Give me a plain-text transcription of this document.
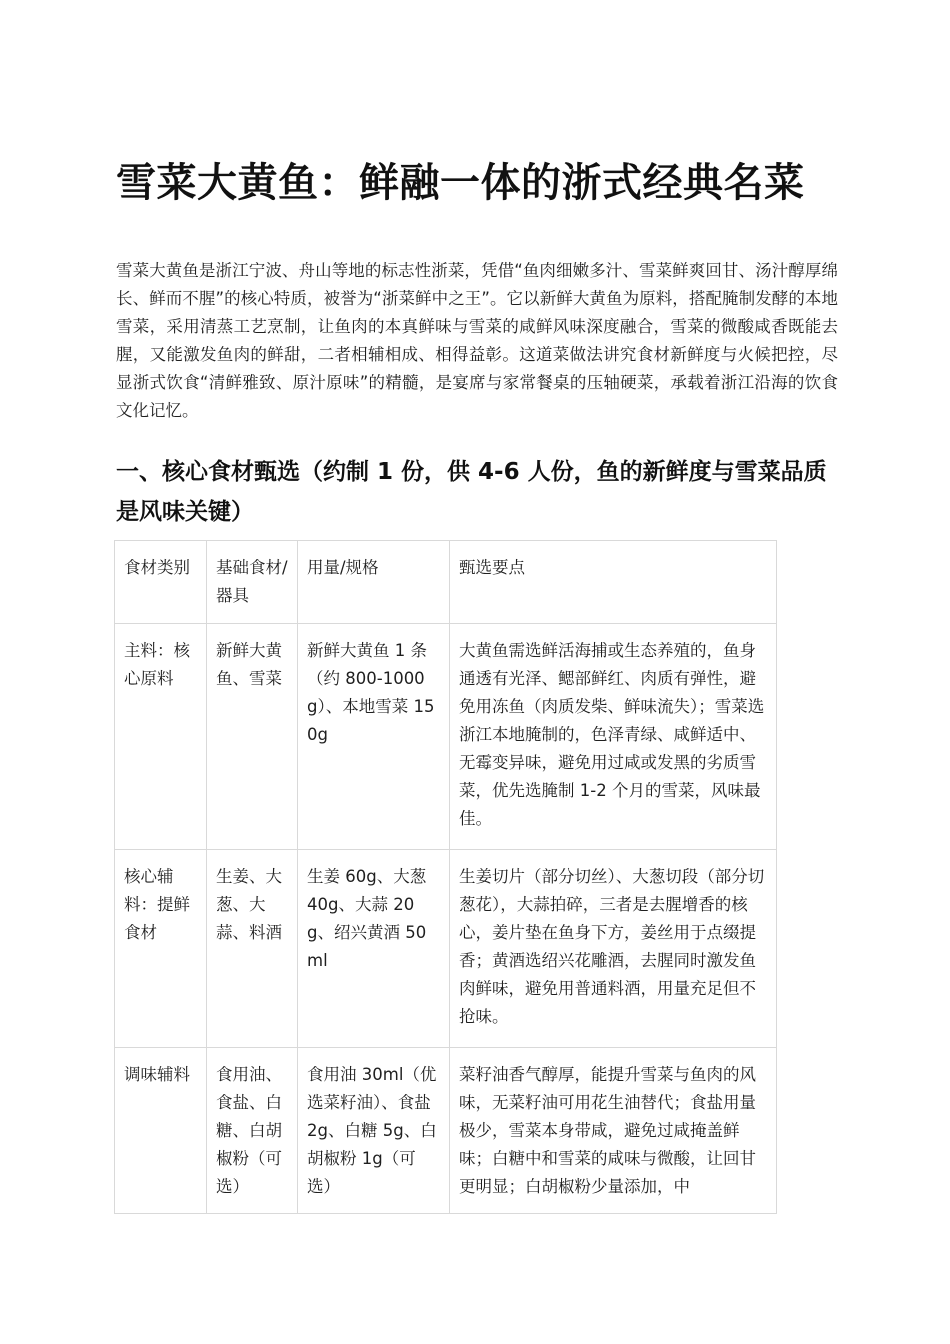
雪菜大黄鱼：鲜融一体的浙式经典名菜

雪菜大黄鱼是浙江宁波、舟山等地的标志性浙菜，凭借“鱼肉细嫩多汁、雪菜鲜爽回甘、汤汁醇厚绵长、鲜而不腥”的核心特质，被誉为“浙菜鲜中之王”。它以新鲜大黄鱼为原料，搭配腌制发酵的本地雪菜，采用清蒸工艺烹制，让鱼肉的本真鲜味与雪菜的咸鲜风味深度融合，雪菜的微酸咸香既能去腥，又能激发鱼肉的鲜甜，二者相辅相成、相得益彰。这道菜做法讲究食材新鲜度与火候把控，尽显浙式饮食“清鲜雅致、原汁原味”的精髓，是宴席与家常餐桌的压轴硬菜，承载着浙江沿海的饮食文化记忆。

一、核心食材甄选（约制 1 份，供 4-6 人份，鱼的新鲜度与雪菜品质是风味关键）
食材类别	基础食材/器具	用量/规格	甄选要点
主料：核心原料	新鲜大黄鱼、雪菜	新鲜大黄鱼 1 条（约 800-1000g）、本地雪菜 150g	大黄鱼需选鲜活海捕或生态养殖的，鱼身通透有光泽、鳃部鲜红、肉质有弹性，避免用冻鱼（肉质发柴、鲜味流失）；雪菜选浙江本地腌制的，色泽青绿、咸鲜适中、无霉变异味，避免用过咸或发黑的劣质雪菜，优先选腌制 1-2 个月的雪菜，风味最佳。
核心辅料：提鲜食材	生姜、大葱、大蒜、料酒	生姜 60g、大葱 40g、大蒜 20g、绍兴黄酒 50ml	生姜切片（部分切丝）、大葱切段（部分切葱花），大蒜拍碎，三者是去腥增香的核心，姜片垫在鱼身下方，姜丝用于点缀提香；黄酒选绍兴花雕酒，去腥同时激发鱼肉鲜味，避免用普通料酒，用量充足但不抢味。
调味辅料	食用油、食盐、白糖、白胡椒粉（可选）	食用油 30ml（优选菜籽油）、食盐 2g、白糖 5g、白胡椒粉 1g（可选）	菜籽油香气醇厚，能提升雪菜与鱼肉的风味，无菜籽油可用花生油替代；食盐用量极少，雪菜本身带咸，避免过咸掩盖鲜味；白糖中和雪菜的咸味与微酸，让回甘更明显；白胡椒粉少量添加，中
